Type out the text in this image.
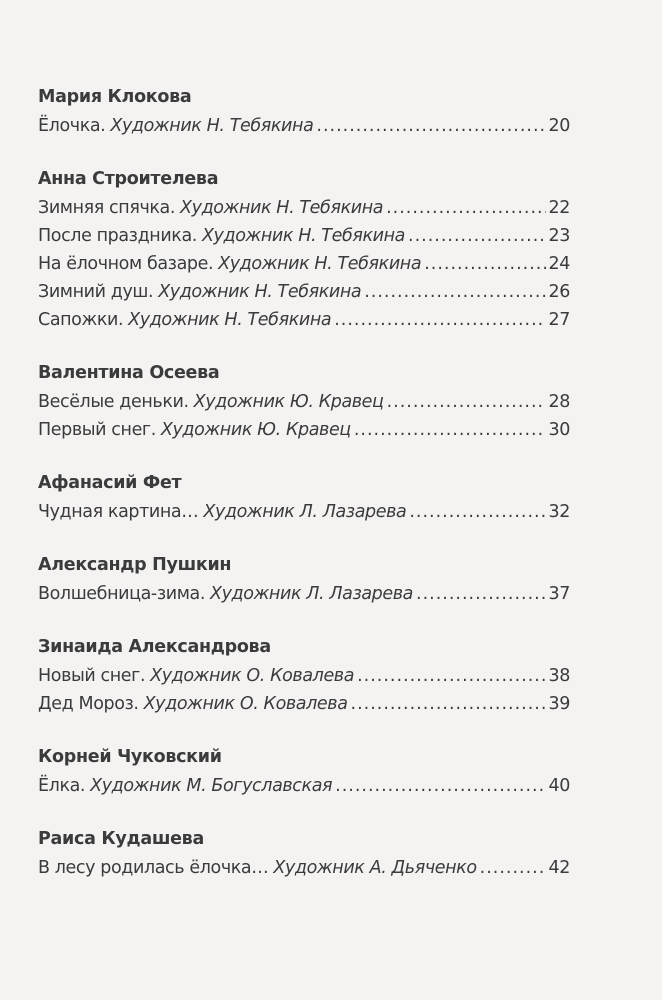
Мария Клокова
Ёлочка. Художник Н. Тебякина .....	20
Анна Строителева
Зимняя спячка. Художник Н. Тебякина .....	22
После праздника. Художник Н. Тебякина .....	23
На ёлочном базаре. Художник Н. Тебякина .....	24
Зимний душ. Художник Н. Тебякина .....	26
Сапожки. Художник Н. Тебякина .....	27
Валентина Осеева
Весёлые деньки. Художник Ю. Кравец .....	28
Первый снег. Художник Ю. Кравец .....	30
Афанасий Фет
Чудная картина… Художник Л. Лазарева .....	32
Александр Пушкин
Волшебница-зима. Художник Л. Лазарева .....	37
Зинаида Александрова
Новый снег. Художник О. Ковалева .....	38
Дед Мороз. Художник О. Ковалева .....	39
Корней Чуковский
Ёлка. Художник М. Богуславская .....	40
Раиса Кудашева
В лесу родилась ёлочка… Художник А. Дьяченко .....	42
